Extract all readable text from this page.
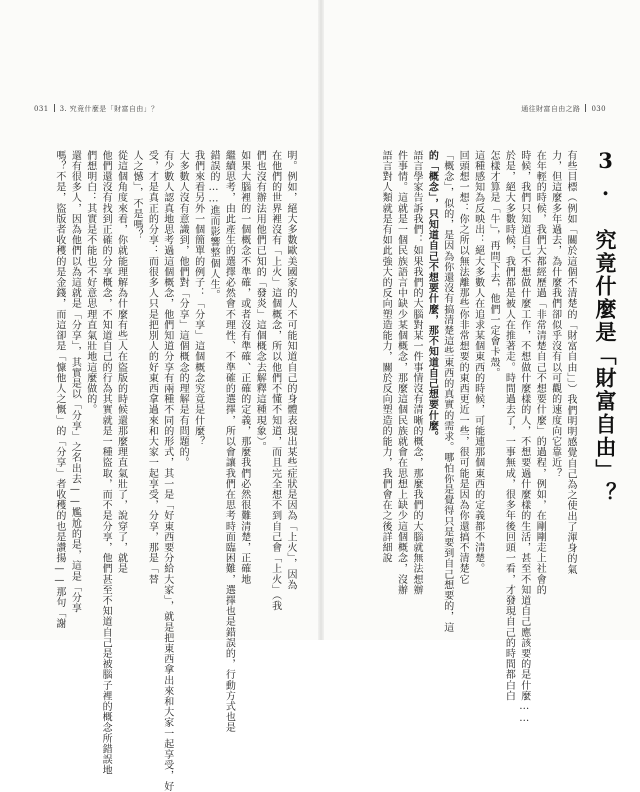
031 3. 究竟什麼是「財富自由」？	通往財富自由之路 030
3. 究竟什麼是「財富自由」？
有些目標（例如「關於這個不清楚的「財富自由」」）我們明明感覺自己為之使出了渾身的氣
力，但這麼多年過去，為什麼我們卻似乎沒有以可觀的速度向它靠近？
在年輕的時候，我們大都經歷過「非常清楚自己不想要什麼」的過程，例如，在剛剛走上社會的
時候，我們只知道自己不想做什麼工作，不想做什麼樣的人，不想要過什麼樣的生活，甚至不知道自己應該要的是什麼……
於是，絕大多數時候，我們都是被人在推著走。時間過去了，一事無成，很多年後回頭一看，才發現自己的時間都白白
怎樣才算是「牛」，再問下去，他們一定會卡殼。
這種感知為反映出：絕大多數人在追求某個東西的時候，可能連那個東西的定義都不清楚。
回頭想一想：你之所以無法離那些你非常想要的東西更近一些，很可能是因為你還搞不清楚它
「概念」，似的，是因為你還沒有搞清楚這些東西的真實的需求。哪怕你是覺得只是要到自己想要的，這
的「概念」，只知道自己不想要什麼，那不知道自己想要什麼。
語言學家告訴我們：如果我們的大腦對某一件事情沒有清晰的概念，那麼我們的大腦就無法想辦
件事情。這就是一個民族語言中缺少某個概念，那麼這個民族就會在思想上缺少這個概念，沒辦
語言對人類就是有如此強大的反向塑造能力，關於反向塑造的能力，我們會在之後詳細說
明。例如，絕大多數歐美國家的人不可能知道自己的身體表現出某些症狀是因為「上火」，因為
在他們的世界裡沒有「上火」這個概念，所以他們不懂不知道，而且完全想不到自己會「上火」（我
們也沒有辦法用他們已知的「發炎」這個概念去解釋這種現象）。
如果大腦裡的一個概念不準確，或者沒有準確、正確的定義，那麼我們必然很難清楚，正確地
繼續思考，由此產生的選擇必然會不理性、不準確的選擇，所以會讓我們在思考時面臨困難，選擇也是錯誤的，行動方式也是
錯誤的……進而影響整個人生。
我們來看另外一個簡單的例子：「分享」這個概念究竟是什麼？
大多數人沒有意識到，他們對「分享」這個概念的理解是有問題的。
有少數人認真地思考過這個概念，他們知道分享有兩種不同的形式，其一是「好東西要分給大家」，就是把東西拿出來和大家一起享受，好
受，才是真正的分享：而很多人只是把別人的好東西拿過來和大家一起享受，分享，那是「替
人之憾」，不是嗎？
從這個角度來看，你就能理解為什麼有些人在盜版的時候還那麼理直氣壯了，說穿了，就是
他們還沒有找到正確的分享概念，不知道自己的行為其實就是一種盜取，而不是分享，他們甚至不知道自己是被腦子裡的概念所錯誤地
們想明白：其實是不能也不好意思理直氣壯地這麼做的。
還有很多人，因為他們以為這就是「分享」，其實是以「分享」之名出去——尷尬的是，這是「分享
嗎？不是，盜版者收穫的是金錢，而這卻是「慷他人之慨」的「分享」者收穫的也是讚揚——那句「謝
